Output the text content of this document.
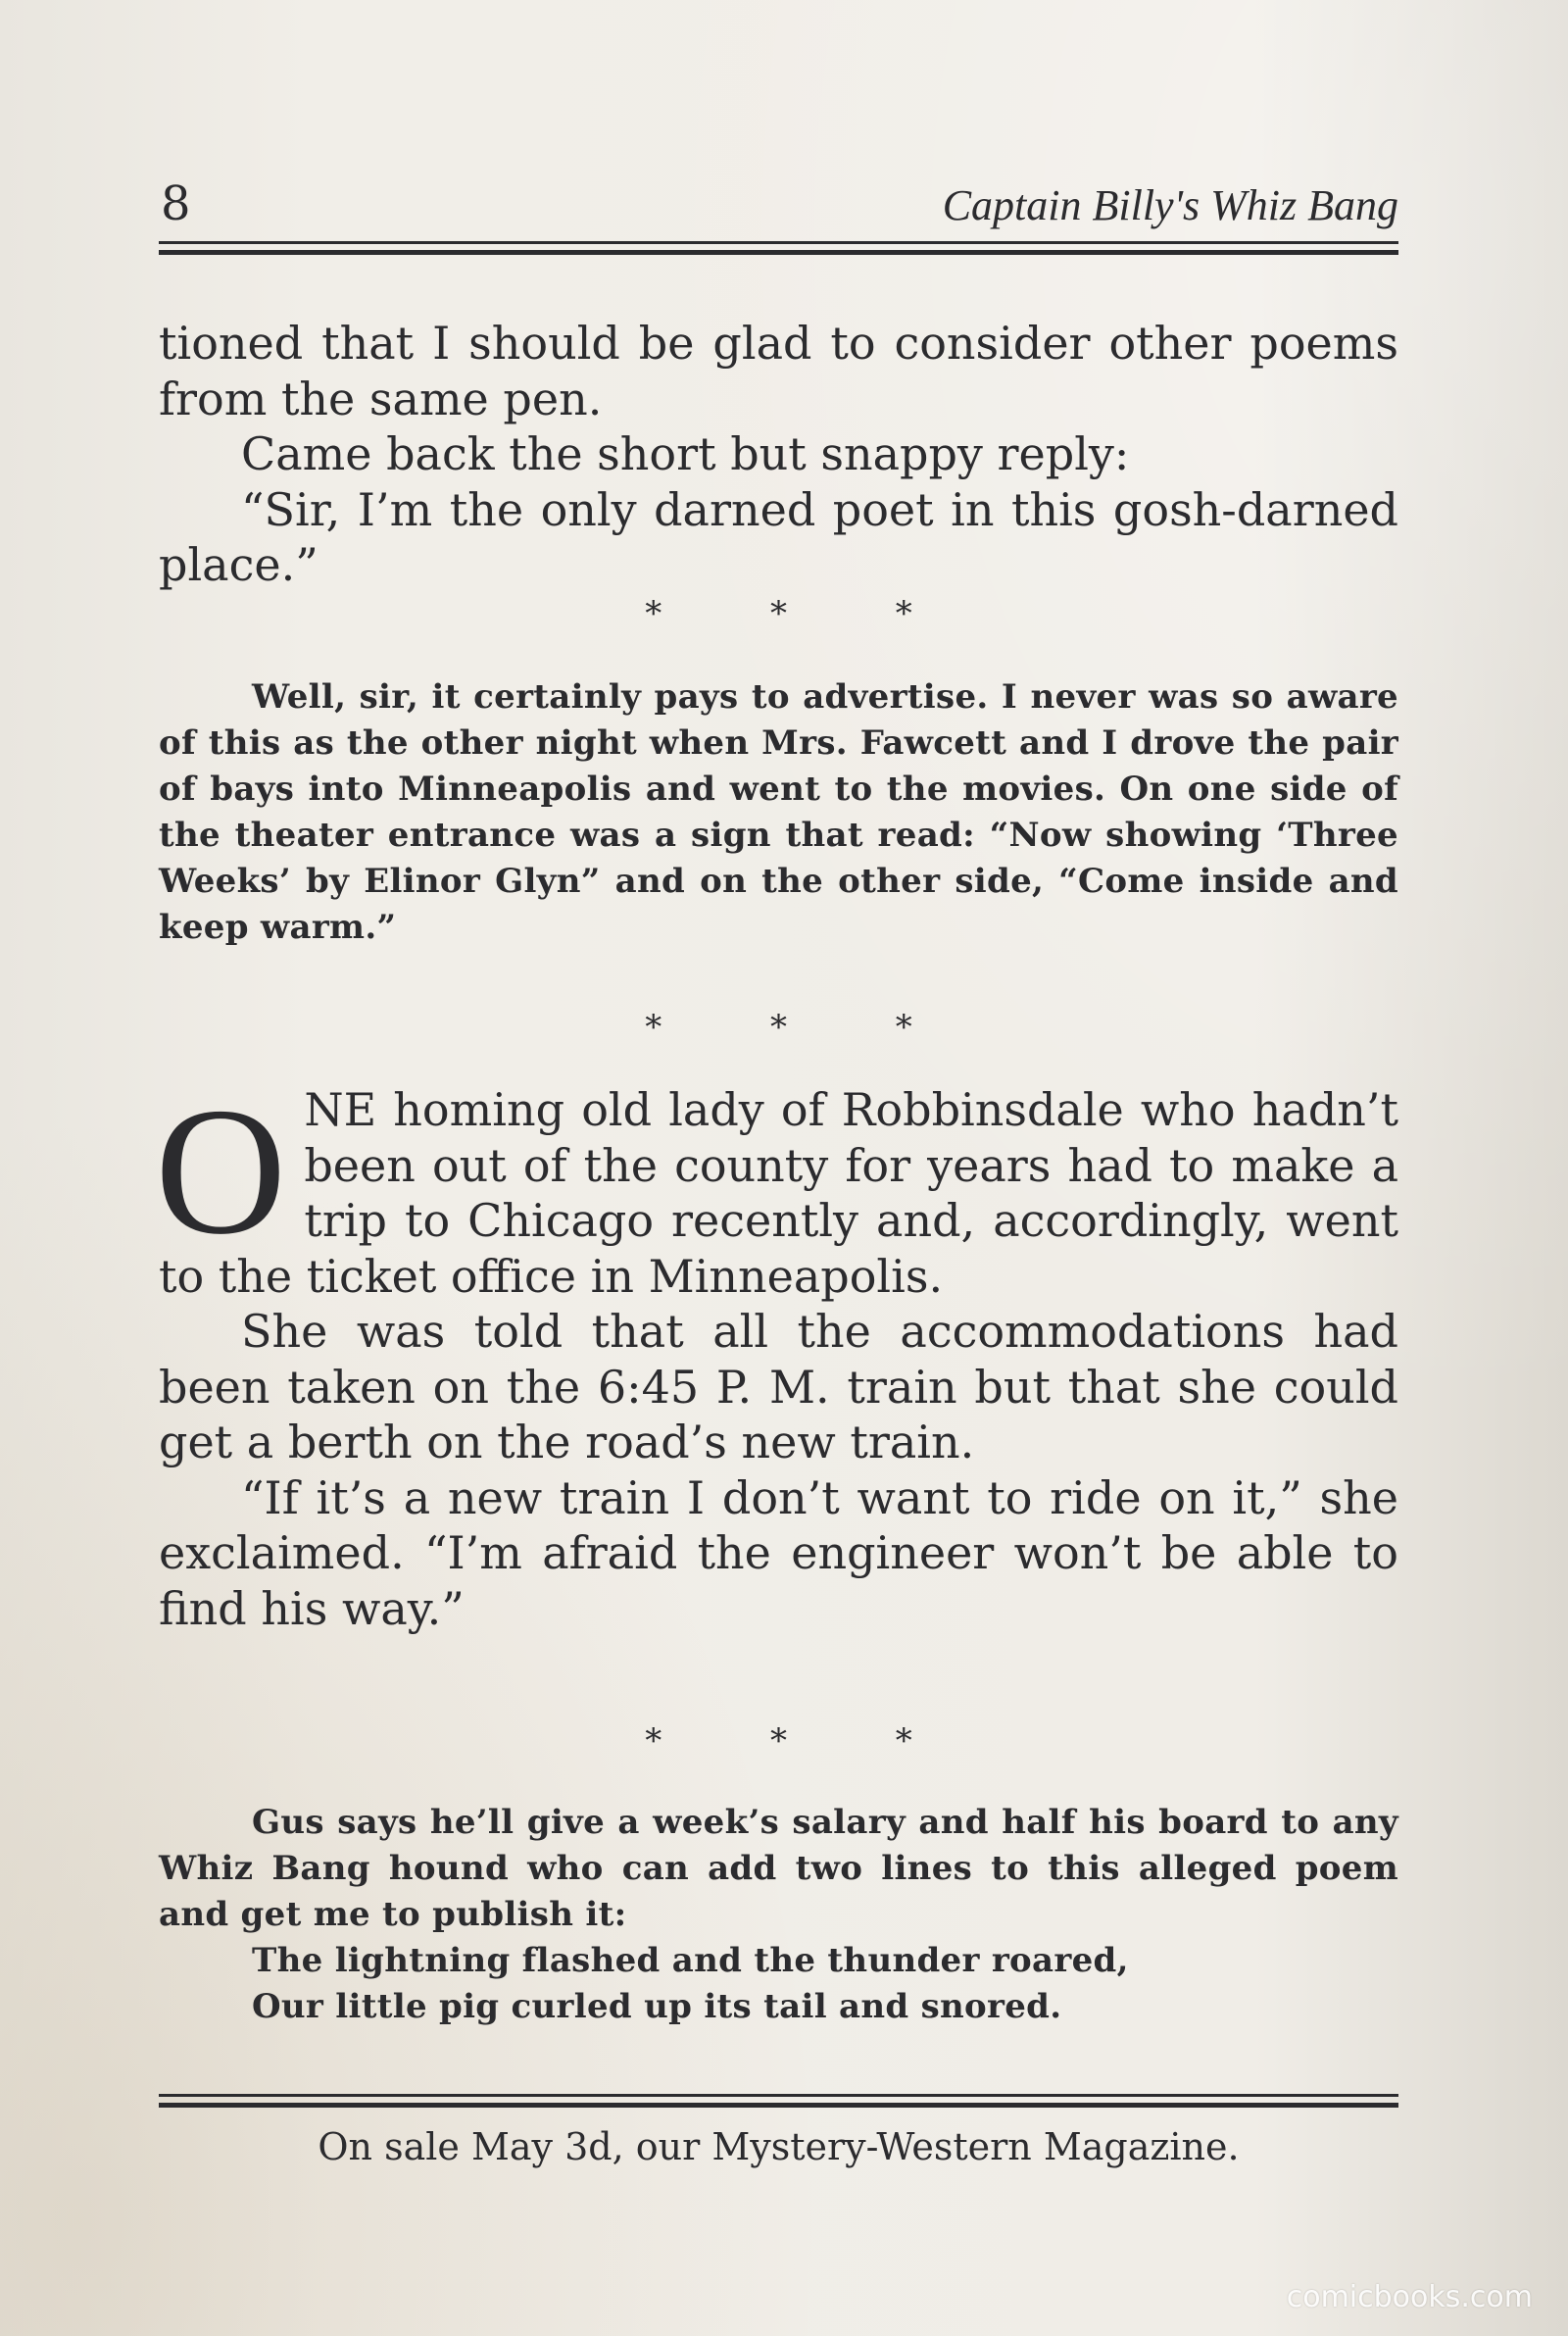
8	Captain Billy's Whiz Bang

tioned that I should be glad to consider other poems from the same pen.

Came back the short but snappy reply:

“Sir, I’m the only darned poet in this gosh-darned place.”

* * *

Well, sir, it certainly pays to advertise. I never was so aware of this as the other night when Mrs. Fawcett and I drove the pair of bays into Minneapolis and went to the movies. On one side of the theater entrance was a sign that read: “Now showing ‘Three Weeks’ by Elinor Glyn” and on the other side, “Come inside and keep warm.”

* * *
O NE homing old lady of Robbinsdale who hadn’t been out of the county for years had to make a trip to Chicago recently and, accordingly, went to the ticket office in Minneapolis.

She was told that all the accommodations had been taken on the 6:45 P. M. train but that she could get a berth on the road’s new train.

“If it’s a new train I don’t want to ride on it,” she exclaimed. “I’m afraid the engineer won’t be able to find his way.”

* * *

Gus says he’ll give a week’s salary and half his board to any Whiz Bang hound who can add two lines to this alleged poem and get me to publish it:

The lightning flashed and the thunder roared,

Our little pig curled up its tail and snored.

On sale May 3d, our Mystery-Western Magazine.
comicbooks.com
